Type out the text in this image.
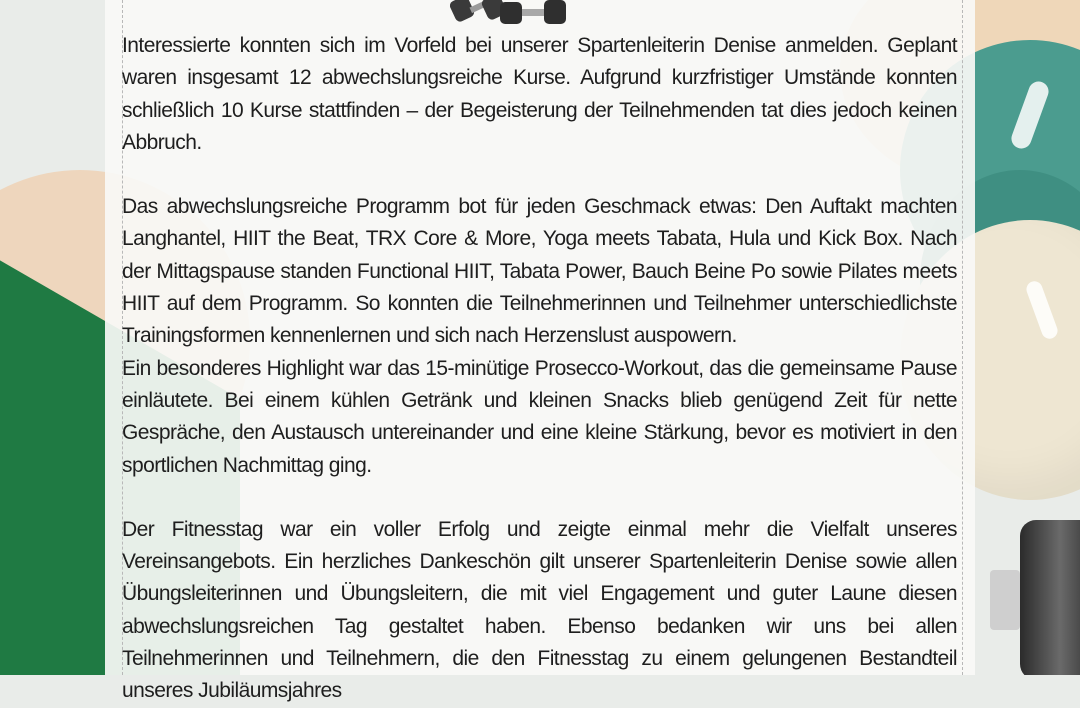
Interessierte konnten sich im Vorfeld bei unserer Spartenleiterin Denise anmelden. Geplant waren insgesamt 12 abwechslungsreiche Kurse. Aufgrund kurzfristiger Umstände konnten schließlich 10 Kurse stattfinden – der Begeisterung der Teilnehmenden tat dies jedoch keinen Abbruch.

Das abwechslungsreiche Programm bot für jeden Geschmack etwas: Den Auftakt machten Langhantel, HIIT the Beat, TRX Core & More, Yoga meets Tabata, Hula und Kick Box. Nach der Mittagspause standen Functional HIIT, Tabata Power, Bauch Beine Po sowie Pilates meets HIIT auf dem Programm. So konnten die Teilnehmerinnen und Teilnehmer unterschiedlichste Trainingsformen kennenlernen und sich nach Herzenslust auspowern.

Ein besonderes Highlight war das 15-minütige Prosecco-Workout, das die gemeinsame Pause einläutete. Bei einem kühlen Getränk und kleinen Snacks blieb genügend Zeit für nette Gespräche, den Austausch untereinander und eine kleine Stärkung, bevor es motiviert in den sportlichen Nachmittag ging.

Der Fitnesstag war ein voller Erfolg und zeigte einmal mehr die Vielfalt unseres Vereinsangebots. Ein herzliches Dankeschön gilt unserer Spartenleiterin Denise sowie allen Übungsleiterinnen und Übungsleitern, die mit viel Engagement und guter Laune diesen abwechslungsreichen Tag gestaltet haben. Ebenso bedanken wir uns bei allen Teilnehmerinnen und Teilnehmern, die den Fitnesstag zu einem gelungenen Bestandteil unseres Jubiläumsjahres
